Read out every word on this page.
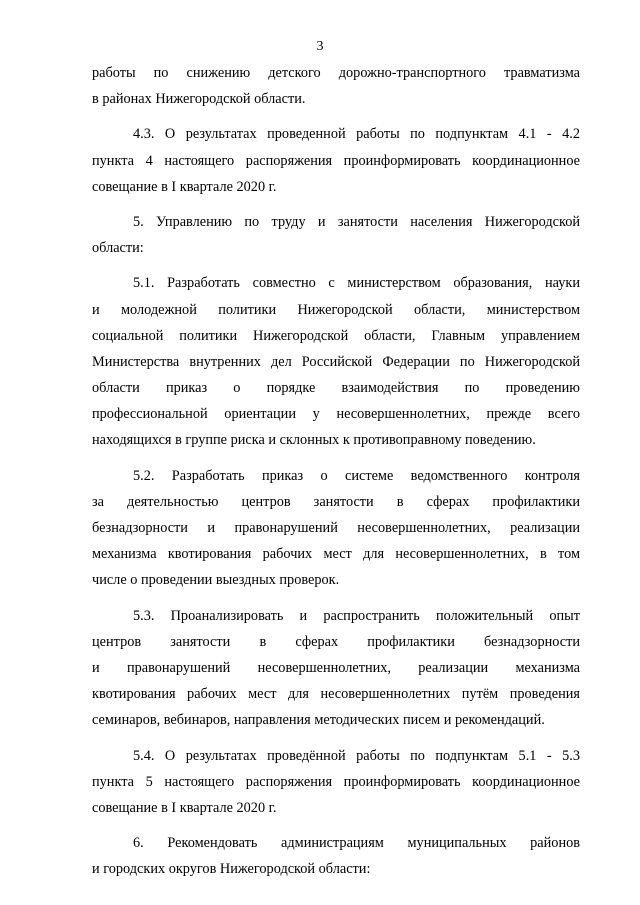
3
работы по снижению детского дорожно-транспортного травматизма
в районах Нижегородской области.
4.3. О результатах проведенной работы по подпунктам 4.1 - 4.2
пункта 4 настоящего распоряжения проинформировать координационное
совещание в I квартале 2020 г.
5. Управлению по труду и занятости населения Нижегородской
области:
5.1. Разработать совместно с министерством образования, науки
и молодежной политики Нижегородской области, министерством
социальной политики Нижегородской области, Главным управлением
Министерства внутренних дел Российской Федерации по Нижегородской
области приказ о порядке взаимодействия по проведению
профессиональной ориентации у несовершеннолетних, прежде всего
находящихся в группе риска и склонных к противоправному поведению.
5.2. Разработать приказ о системе ведомственного контроля
за деятельностью центров занятости в сферах профилактики
безнадзорности и правонарушений несовершеннолетних, реализации
механизма квотирования рабочих мест для несовершеннолетних, в том
числе о проведении выездных проверок.
5.3. Проанализировать и распространить положительный опыт
центров занятости в сферах профилактики безнадзорности
и правонарушений несовершеннолетних, реализации механизма
квотирования рабочих мест для несовершеннолетних путём проведения
семинаров, вебинаров, направления методических писем и рекомендаций.
5.4. О результатах проведённой работы по подпунктам 5.1 - 5.3
пункта 5 настоящего распоряжения проинформировать координационное
совещание в I квартале 2020 г.
6. Рекомендовать администрациям муниципальных районов
и городских округов Нижегородской области:
